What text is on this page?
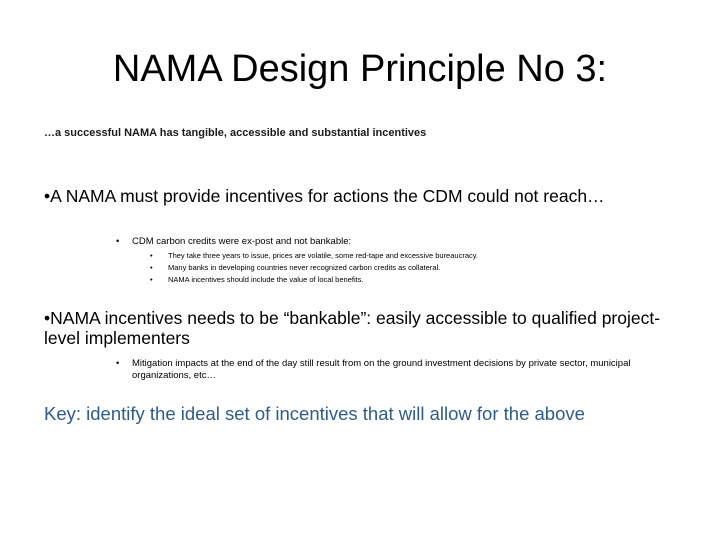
NAMA Design Principle No 3:
…a successful NAMA has tangible, accessible and substantial incentives
•A NAMA must provide incentives for actions the CDM could not reach…
• CDM carbon credits were ex-post and not bankable:
• They take three years to issue, prices are volatile, some red-tape and excessive bureaucracy.
• Many banks in developing countries never recognized carbon credits as collateral.
• NAMA incentives should include the value of local benefits.
•NAMA incentives needs to be “bankable”: easily accessible to qualified project-level implementers
• Mitigation impacts at the end of the day still result from on the ground investment decisions by private sector, municipal organizations, etc…
Key: identify the ideal set of incentives that will allow for the above
